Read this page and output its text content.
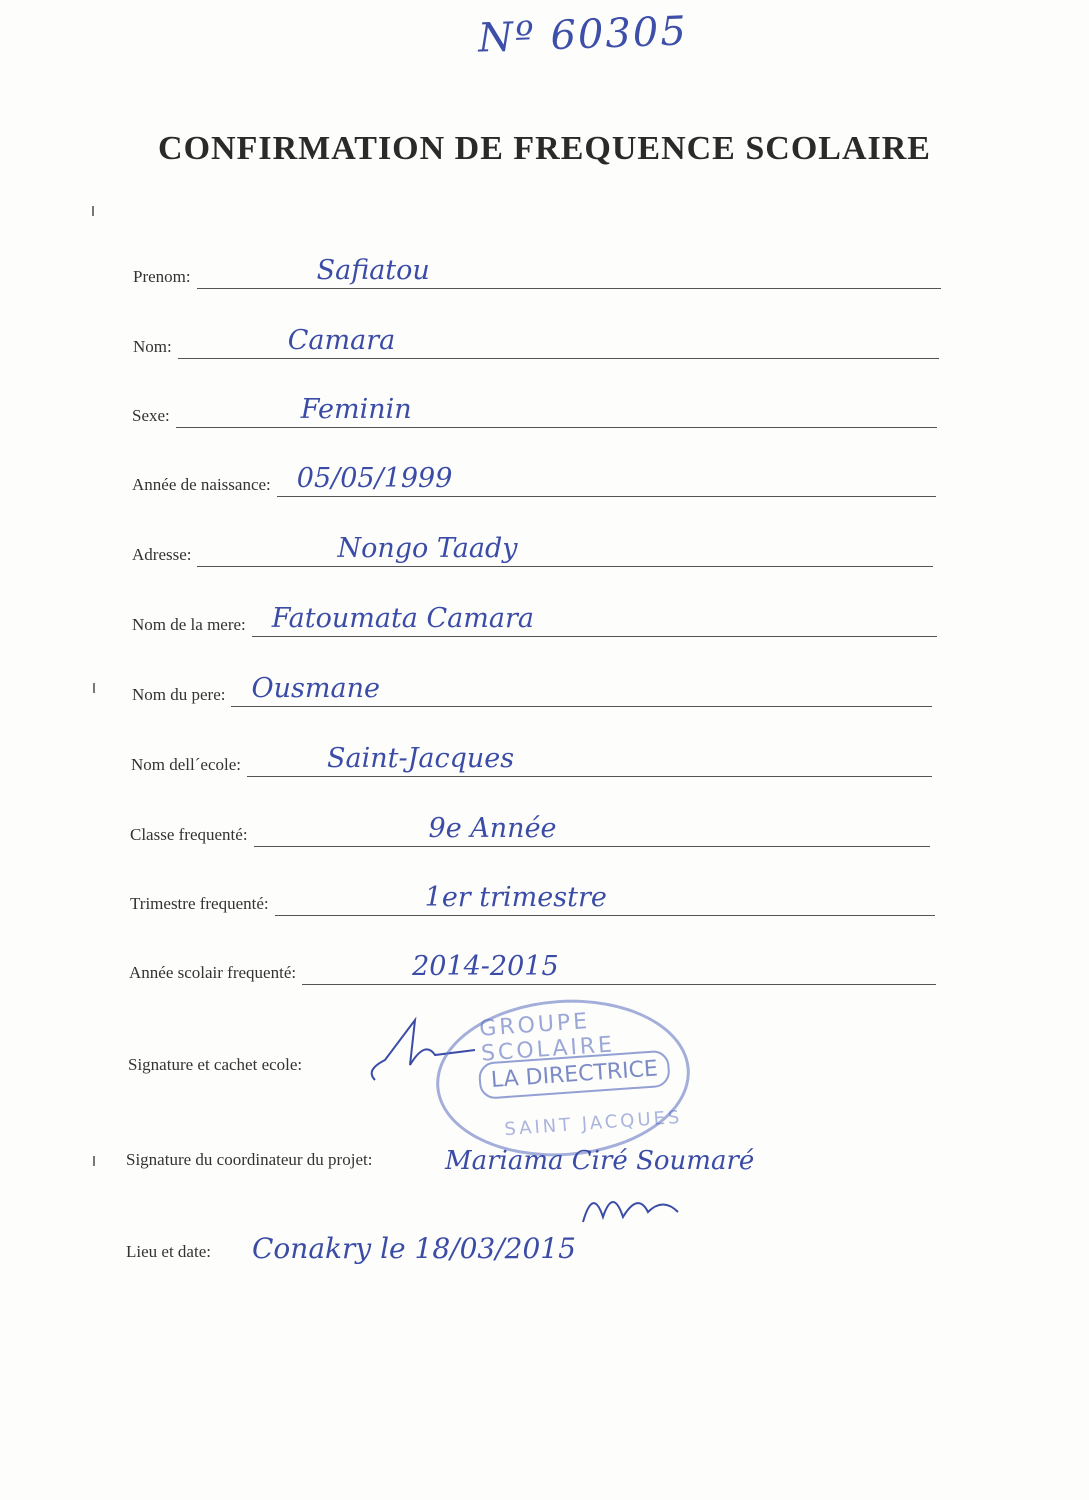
Nº 60305
CONFIRMATION DE FREQUENCE SCOLAIRE
Prenom:	Safiatou
Nom:	Camara
Sexe:	Feminin
Année de naissance: 05/05/1999
Adresse:	Nongo Taady
Nom de la mere: Fatoumata Camara
Nom du pere: Ousmane
Nom dell´ecole:	Saint-Jacques
Classe frequenté:	9e Année
Trimestre frequenté:	1er trimestre
Année scolair frequenté:	2014-2015
Signature et cachet ecole:
GROUPE SCOLAIRE
LA DIRECTRICE
SAINT JACQUES
Signature du coordinateur du projet:	Mariama Ciré Soumaré
Lieu et date: Conakry le 18/03/2015
